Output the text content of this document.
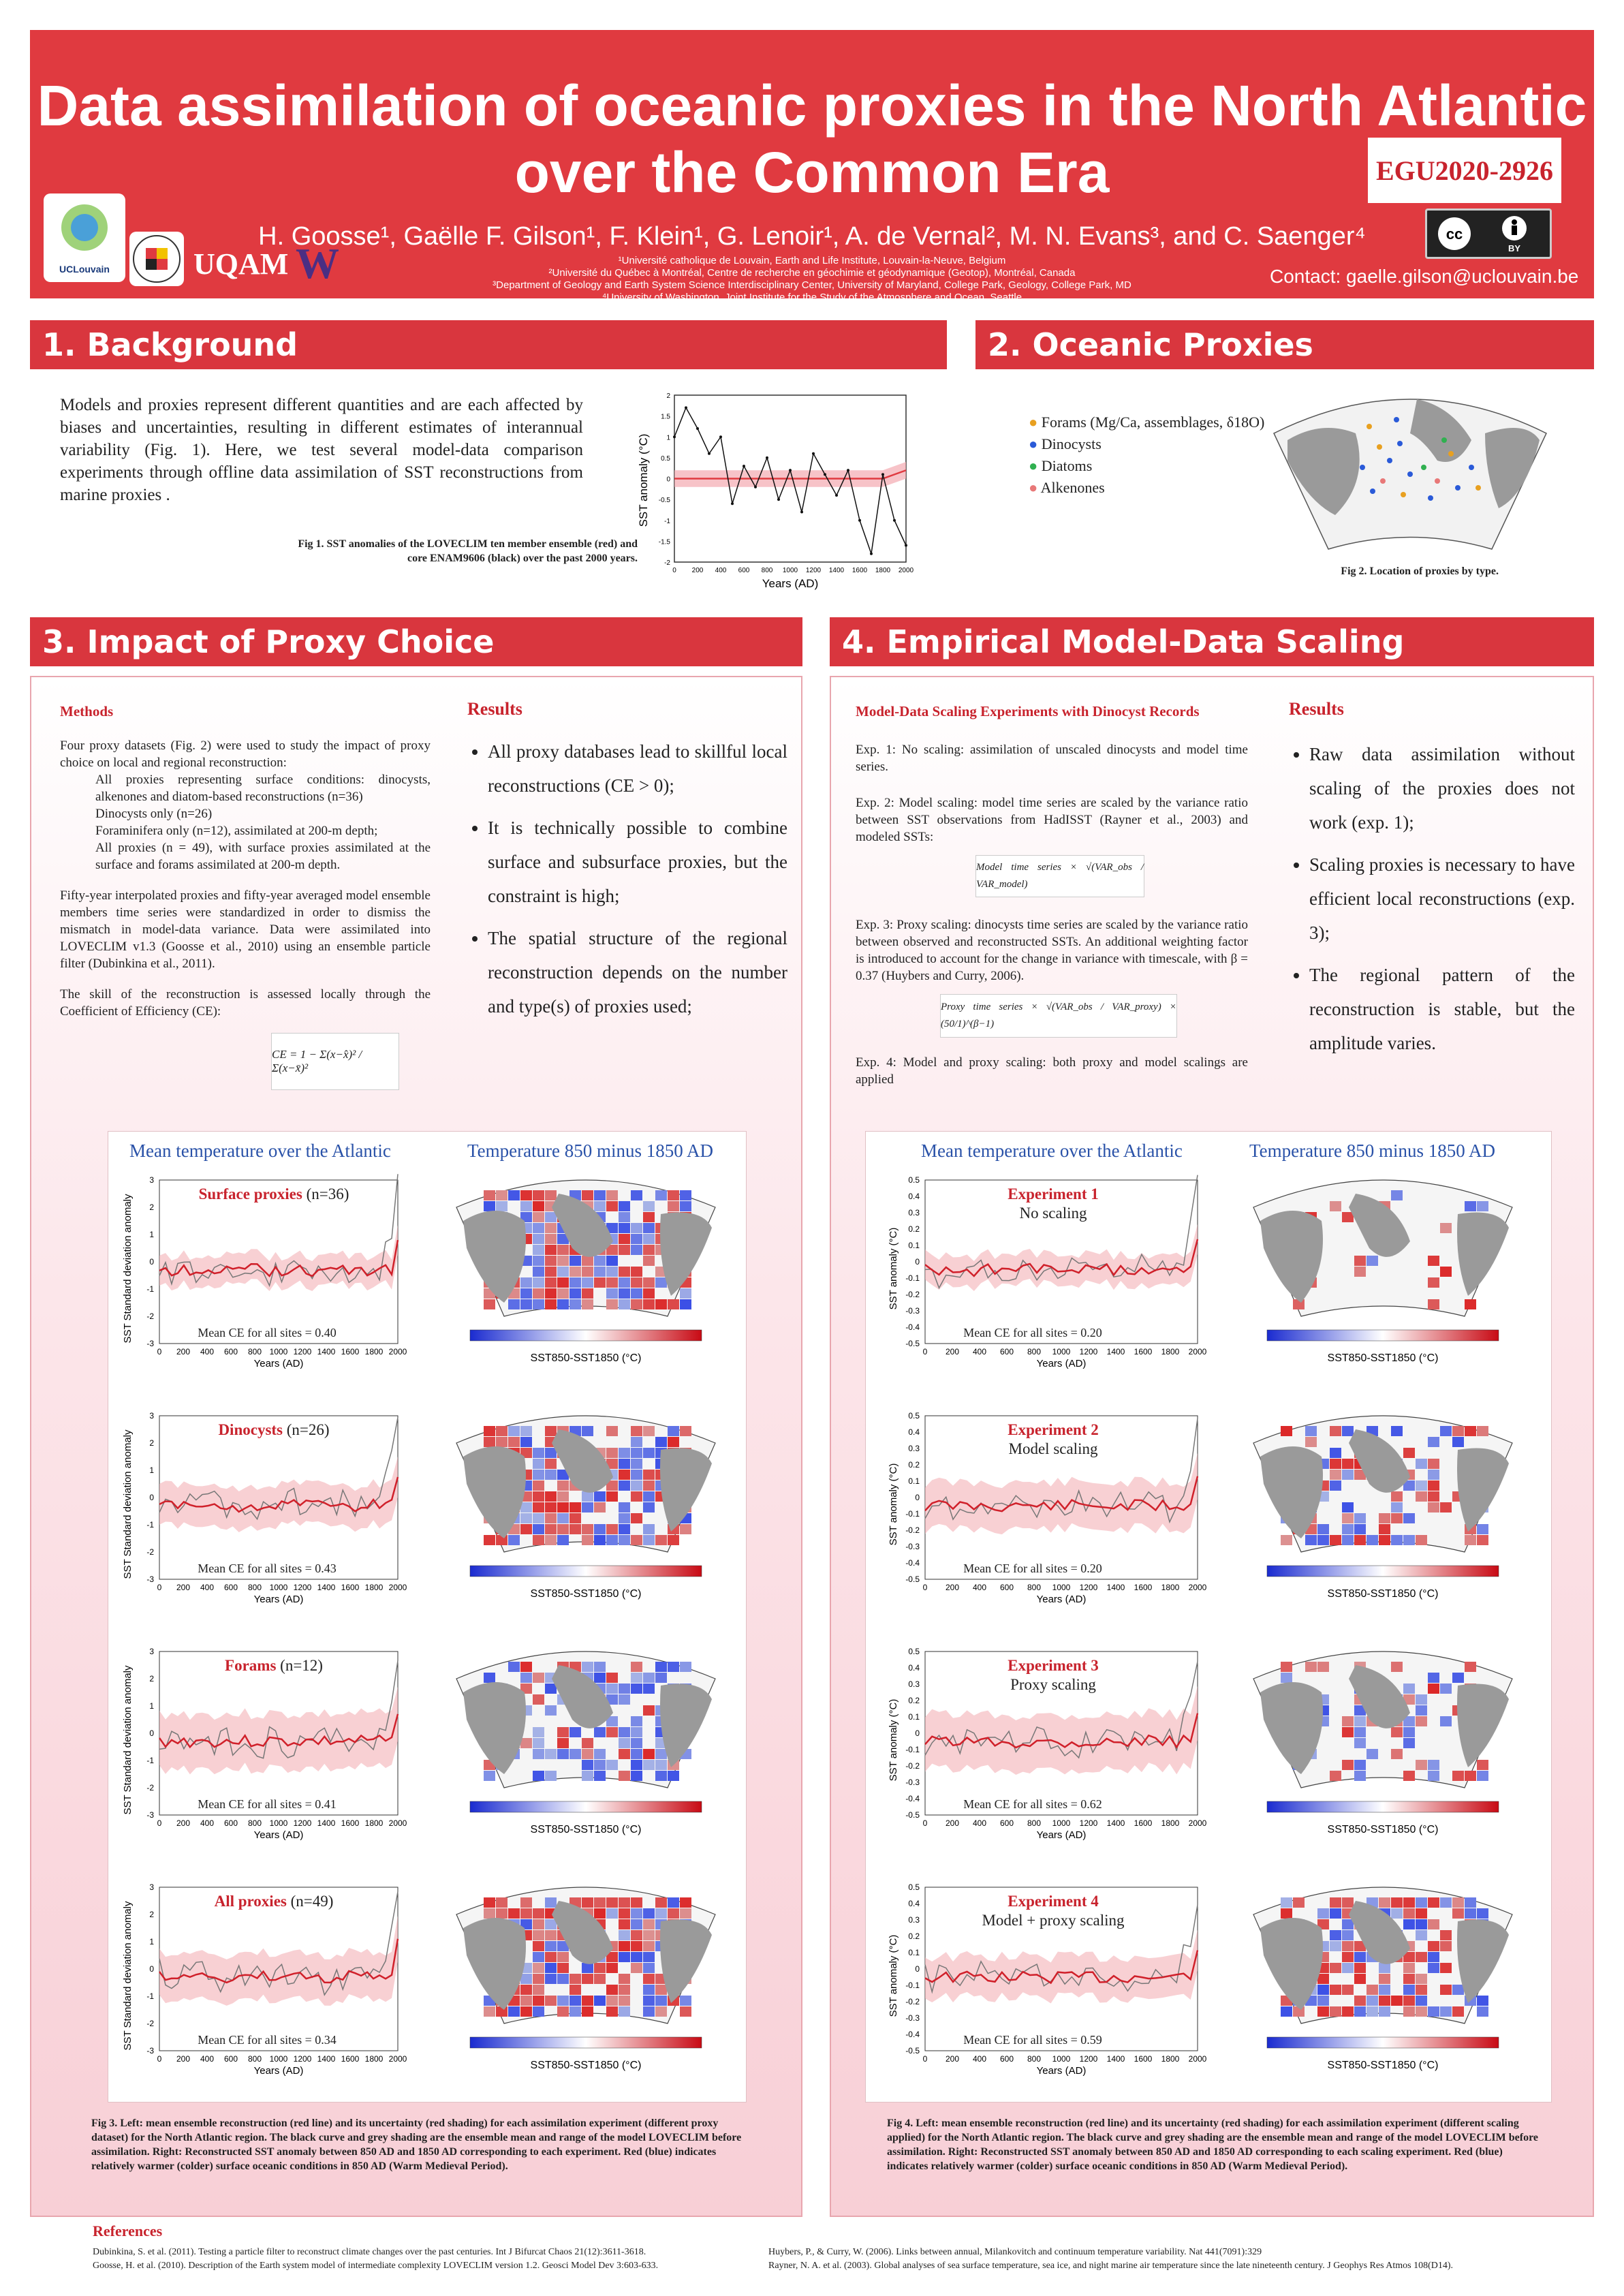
Data assimilation of oceanic proxies in the North Atlantic
over the Common Era	EGU2020-2926
H. Goosse¹, Gaëlle F. Gilson¹, F. Klein¹, G. Lenoir¹, A. de Vernal², M. N. Evans³, and C. Saenger⁴
¹Université catholique de Louvain, Earth and Life Institute, Louvain-la-Neuve, Belgium
²Université du Québec à Montréal, Centre de recherche en géochimie et géodynamique (Geotop), Montréal, Canada
³Department of Geology and Earth System Science Interdisciplinary Center, University of Maryland, College Park, Geology, College Park, MD
⁴University of Washington, Joint Institute for the Study of the Atmosphere and Ocean, Seattle
Contact: gaelle.gilson@uclouvain.be
UCLouvain	UQAM W
cc
BY
1. Background
Models and proxies represent different quantities and are each affected by biases and uncertainties, resulting in different estimates of interannual variability (Fig. 1). Here, we test several model-data comparison experiments through offline data assimilation of SST reconstructions from marine proxies .
0 200 400 600 800 1000 1200 1400 1600 1800 2000
-2
-1.5
-1
-0.5
0
0.5
1
1.5
2
SST anomaly (°C)
Years (AD)
Fig 1. SST anomalies of the LOVECLIM ten member ensemble (red) and core ENAM9606 (black) over the past 2000 years.
2. Oceanic Proxies
● Forams (Mg/Ca, assemblages, δ18O)
● Dinocysts
● Diatoms
● Alkenones
Fig 2. Location of proxies by type.
3. Impact of Proxy Choice
Methods
Four proxy datasets (Fig. 2) were used to study the impact of proxy choice on local and regional reconstruction:
All proxies representing surface conditions: dinocysts, alkenones and diatom-based reconstructions (n=36)
Dinocysts only (n=26)
Foraminifera only (n=12), assimilated at 200-m depth;
All proxies (n = 49), with surface proxies assimilated at the surface and forams assimilated at 200-m depth.
Fifty-year interpolated proxies and fifty-year averaged model ensemble members time series were standardized in order to dismiss the mismatch in model-data variance. Data were assimilated into LOVECLIM v1.3 (Goosse et al., 2010) using an ensemble particle filter (Dubinkina et al., 2011).
The skill of the reconstruction is assessed locally through the Coefficient of Efficiency (CE):
CE = 1 − Σ(x−x̂)² / Σ(x−x̄)²
Results
• All proxy databases lead to skillful local reconstructions (CE > 0);
• It is technically possible to combine surface and subsurface proxies, but the constraint is high;
• The spatial structure of the regional reconstruction depends on the number and type(s) of proxies used;
Mean temperature over the Atlantic	Temperature 850 minus 1850 AD
0 200 400 600 800 1000 1200 1400 1600 1800 2000
-3
-2
-1
0
1
2
3
Years (AD)
SST Standard deviation anomaly	Surface proxies (n=36)
Mean CE for all sites = 0.40
SST850-SST1850 (°C)
0 200 400 600 800 1000 1200 1400 1600 1800 2000
-3
-2
-1
0
1
2
3
Years (AD)
SST Standard deviation anomaly	Dinocysts (n=26)
Mean CE for all sites = 0.43
SST850-SST1850 (°C)
0 200 400 600 800 1000 1200 1400 1600 1800 2000
-3
-2
-1
0
1
2
3
Years (AD)
SST Standard deviation anomaly	Forams (n=12)
Mean CE for all sites = 0.41
SST850-SST1850 (°C)
0 200 400 600 800 1000 1200 1400 1600 1800 2000
-3
-2
-1
0
1
2
3
Years (AD)
SST Standard deviation anomaly	All proxies (n=49)
Mean CE for all sites = 0.34
SST850-SST1850 (°C)
Fig 3. Left: mean ensemble reconstruction (red line) and its uncertainty (red shading) for each assimilation experiment (different proxy dataset) for the North Atlantic region. The black curve and grey shading are the ensemble mean and range of the model LOVECLIM before assimilation. Right: Reconstructed SST anomaly between 850 AD and 1850 AD corresponding to each experiment. Red (blue) indicates relatively warmer (colder) surface oceanic conditions in 850 AD (Warm Medieval Period).
4. Empirical Model-Data Scaling
Model-Data Scaling Experiments with Dinocyst Records
Exp. 1: No scaling: assimilation of unscaled dinocysts and model time series.
Exp. 2: Model scaling: model time series are scaled by the variance ratio between SST observations from HadISST (Rayner et al., 2003) and modeled SSTs:
Model time series × √(VAR_obs / VAR_model)
Exp. 3: Proxy scaling: dinocysts time series are scaled by the variance ratio between observed and reconstructed SSTs. An additional weighting factor is introduced to account for the change in variance with timescale, with β = 0.37 (Huybers and Curry, 2006).
Proxy time series × √(VAR_obs / VAR_proxy) × (50/1)^(β−1)
Exp. 4: Model and proxy scaling: both proxy and model scalings are applied
Results
• Raw data assimilation without scaling of the proxies does not work (exp. 1);
• Scaling proxies is necessary to have efficient local reconstructions (exp. 3);
• The regional pattern of the reconstruction is stable, but the amplitude varies.
Mean temperature over the Atlantic	Temperature 850 minus 1850 AD
0 200 400 600 800 1000 1200 1400 1600 1800 2000
-0.5
-0.4
-0.3
-0.2
-0.1
0
0.1
0.2
0.3
0.4
0.5
Years (AD)
SST anomaly (°C)
Experiment 1
No scaling
Mean CE for all sites = 0.20
SST850-SST1850 (°C)
0 200 400 600 800 1000 1200 1400 1600 1800 2000
-0.5
-0.4
-0.3
-0.2
-0.1
0
0.1
0.2
0.3
0.4
0.5
Years (AD)
SST anomaly (°C)
Experiment 2
Model scaling
Mean CE for all sites = 0.20
SST850-SST1850 (°C)
0 200 400 600 800 1000 1200 1400 1600 1800 2000
-0.5
-0.4
-0.3
-0.2
-0.1
0
0.1
0.2
0.3
0.4
0.5
Years (AD)
SST anomaly (°C)
Experiment 3
Proxy scaling
Mean CE for all sites = 0.62
SST850-SST1850 (°C)
0 200 400 600 800 1000 1200 1400 1600 1800 2000
-0.5
-0.4
-0.3
-0.2
-0.1
0
0.1
0.2
0.3
0.4
0.5
Years (AD)
SST anomaly (°C)
Experiment 4
Model + proxy scaling
Mean CE for all sites = 0.59
SST850-SST1850 (°C)
Fig 4. Left: mean ensemble reconstruction (red line) and its uncertainty (red shading) for each assimilation experiment (different scaling applied) for the North Atlantic region. The black curve and grey shading are the ensemble mean and range of the model LOVECLIM before assimilation. Right: Reconstructed SST anomaly between 850 AD and 1850 AD corresponding to each scaling experiment. Red (blue) indicates relatively warmer (colder) surface oceanic conditions in 850 AD (Warm Medieval Period).
References
Dubinkina, S. et al. (2011). Testing a particle filter to reconstruct climate changes over the past centuries. Int J Bifurcat Chaos 21(12):3611-3618.
Goosse, H. et al. (2010). Description of the Earth system model of intermediate complexity LOVECLIM version 1.2. Geosci Model Dev 3:603-633.
Huybers, P., & Curry, W. (2006). Links between annual, Milankovitch and continuum temperature variability. Nat 441(7091):329
Rayner, N. A. et al. (2003). Global analyses of sea surface temperature, sea ice, and night marine air temperature since the late nineteenth century. J Geophys Res Atmos 108(D14).
